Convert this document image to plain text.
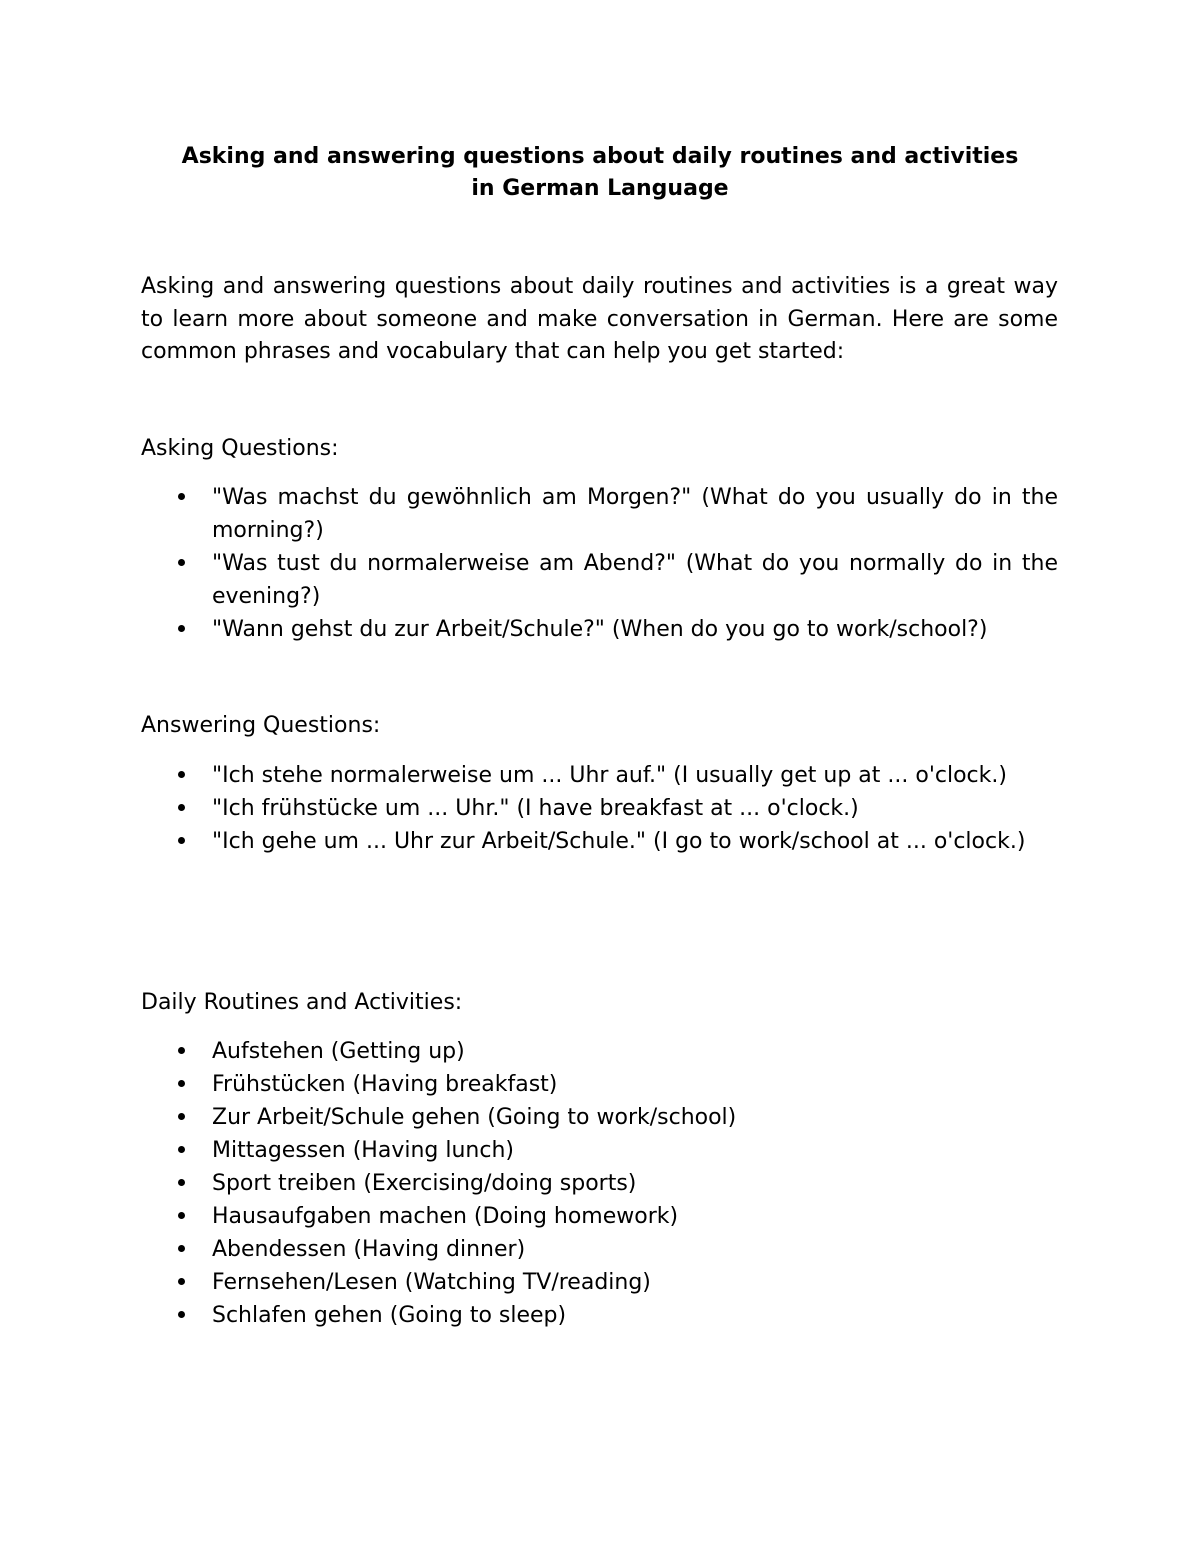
Asking and answering questions about daily routines and activities
in German Language

Asking and answering questions about daily routines and activities is a great way to learn more about someone and make conversation in German. Here are some common phrases and vocabulary that can help you get started:

Asking Questions:
"Was machst du gewöhnlich am Morgen?" (What do you usually do in the morning?)
"Was tust du normalerweise am Abend?" (What do you normally do in the evening?)
"Wann gehst du zur Arbeit/Schule?" (When do you go to work/school?)
Answering Questions:
"Ich stehe normalerweise um ... Uhr auf." (I usually get up at ... o'clock.)
"Ich frühstücke um ... Uhr." (I have breakfast at ... o'clock.)
"Ich gehe um ... Uhr zur Arbeit/Schule." (I go to work/school at ... o'clock.)
Daily Routines and Activities:
Aufstehen (Getting up)
Frühstücken (Having breakfast)
Zur Arbeit/Schule gehen (Going to work/school)
Mittagessen (Having lunch)
Sport treiben (Exercising/doing sports)
Hausaufgaben machen (Doing homework)
Abendessen (Having dinner)
Fernsehen/Lesen (Watching TV/reading)
Schlafen gehen (Going to sleep)
